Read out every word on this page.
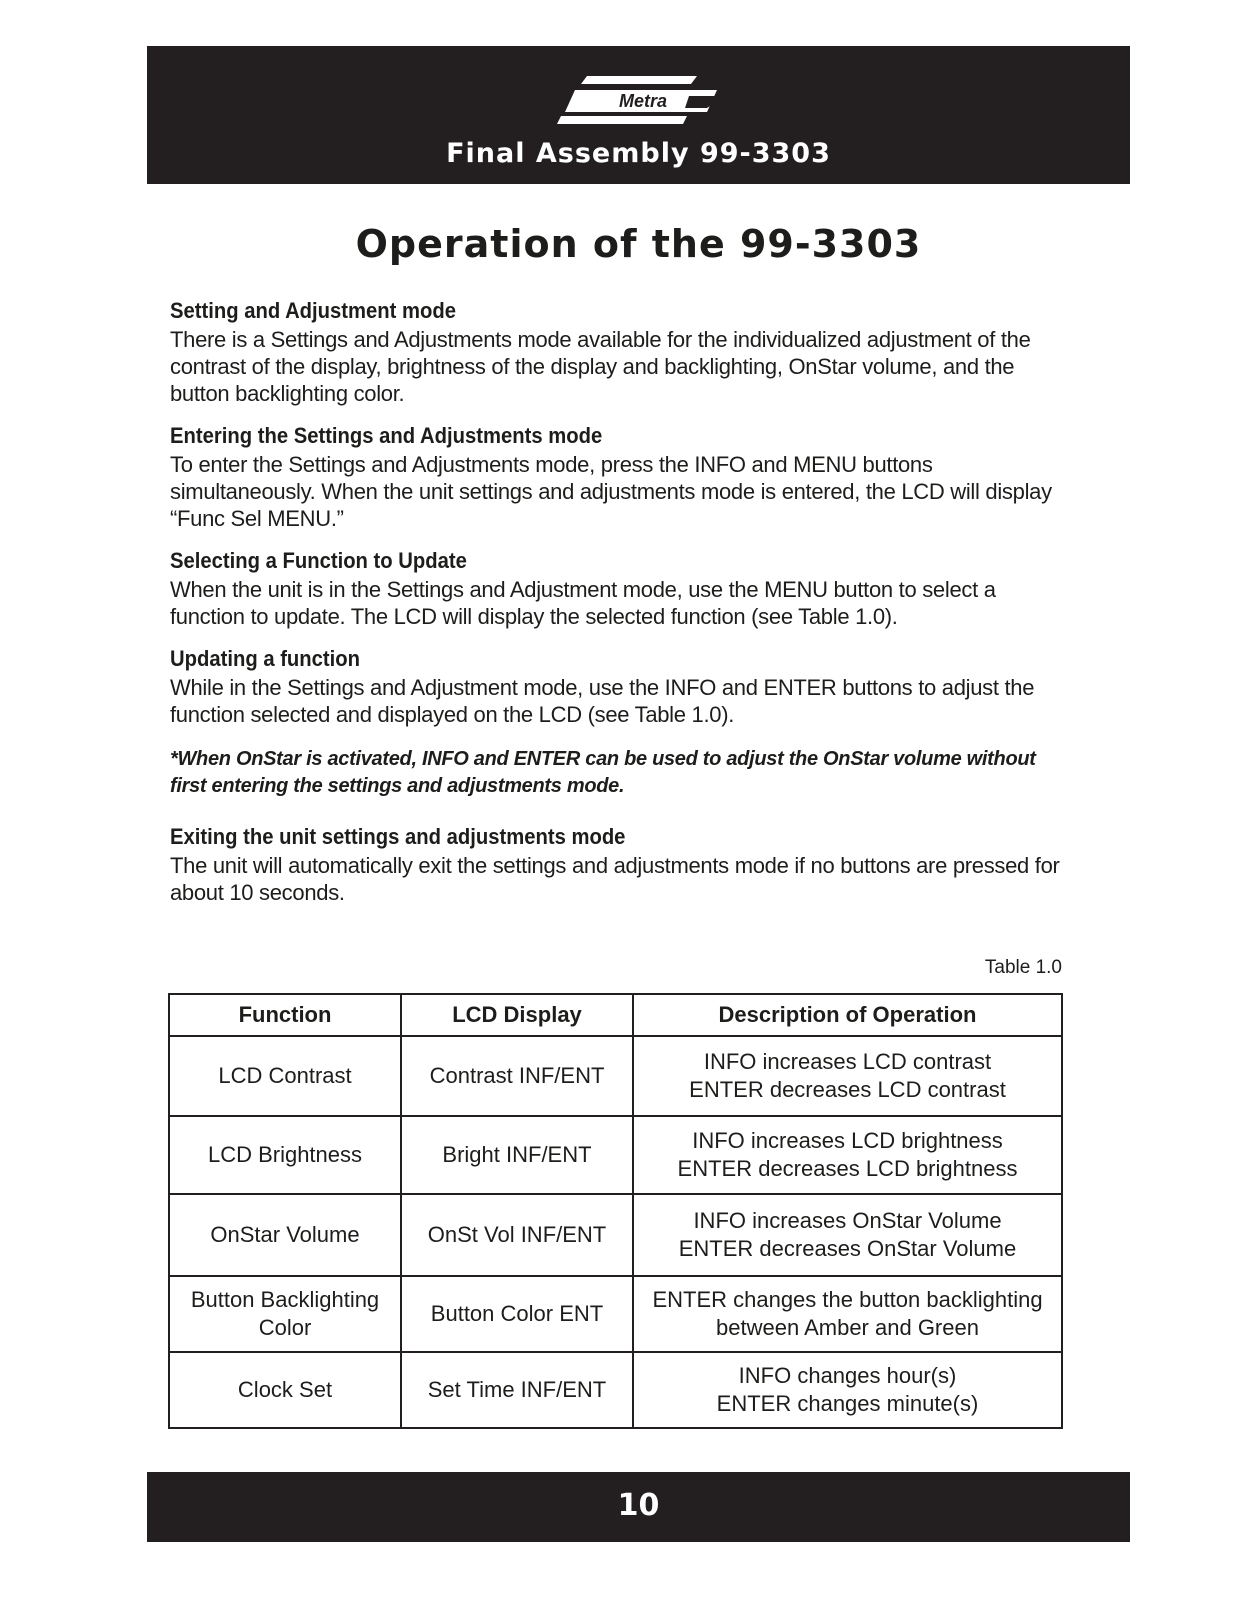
Metra
Final Assembly 99-3303
Operation of the 99-3303
Setting and Adjustment mode

There is a Settings and Adjustments mode available for the individualized adjustment of the contrast of the display, brightness of the display and backlighting, OnStar volume, and the button backlighting color.

Entering the Settings and Adjustments mode

To enter the Settings and Adjustments mode, press the INFO and MENU buttons simultaneously. When the unit settings and adjustments mode is entered, the LCD will display “Func Sel MENU.”

Selecting a Function to Update

When the unit is in the Settings and Adjustment mode, use the MENU button to select a function to update. The LCD will display the selected function (see Table 1.0).

Updating a function

While in the Settings and Adjustment mode, use the INFO and ENTER buttons to adjust the function selected and displayed on the LCD (see Table 1.0).

*When OnStar is activated, INFO and ENTER can be used to adjust the OnStar volume without first entering the settings and adjustments mode.
Exiting the unit settings and adjustments mode

The unit will automatically exit the settings and adjustments mode if no buttons are pressed for about 10 seconds.

Table 1.0
Function	LCD Display	Description of Operation
LCD Contrast	Contrast INF/ENT	INFO increases LCD contrast
ENTER decreases LCD contrast

LCD Brightness	Bright INF/ENT	INFO increases LCD brightness
ENTER decreases LCD brightness

OnStar Volume	OnSt Vol INF/ENT	INFO increases OnStar Volume
ENTER decreases OnStar Volume

Button Backlighting
Color	Button Color ENT	ENTER changes the button backlighting
between Amber and Green

Clock Set	Set Time INF/ENT	INFO changes hour(s)
ENTER changes minute(s)
10
